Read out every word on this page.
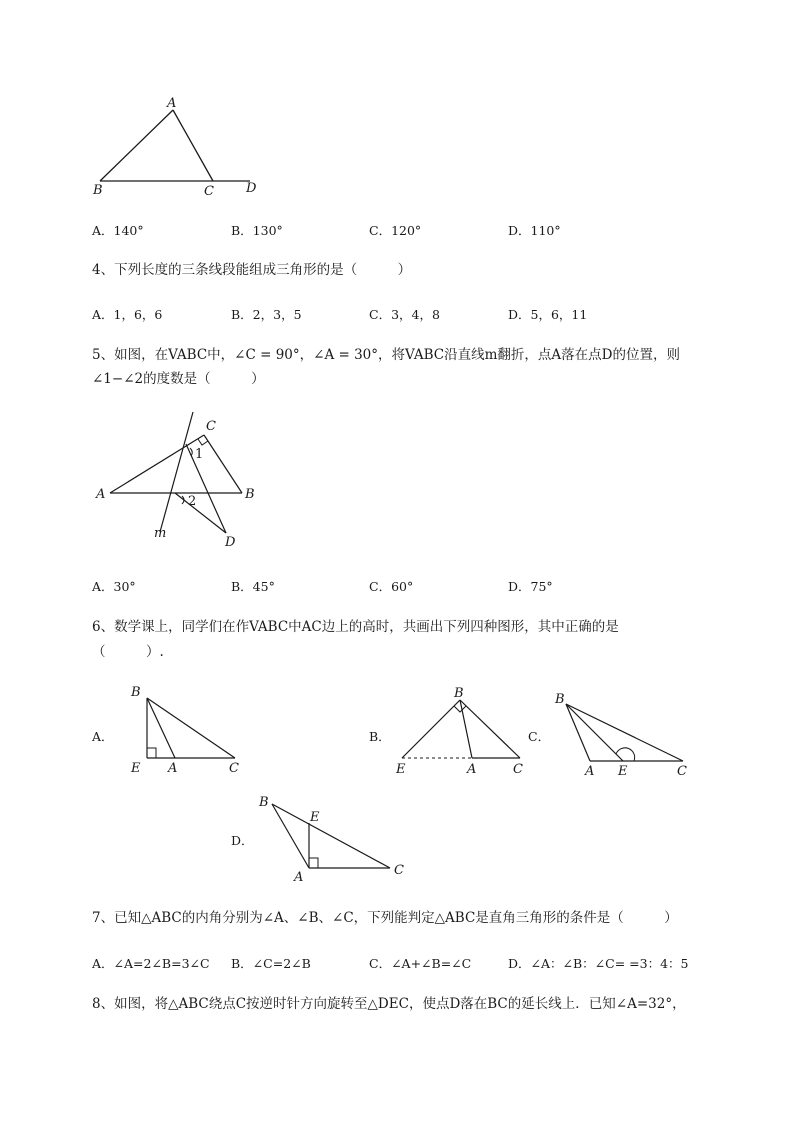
A
B	C D
A．140°	B．130°	C．120°	D．110°
4、下列长度的三条线段能组成三角形的是（　　　）
A．1，6，6	B．2，3，5	C．3，4，8	D．5，6，11
5、如图，在VABC中，∠C = 90°，∠A = 30°，将VABC沿直线m翻折，点A落在点D的位置，则
∠1−∠2的度数是（　　　）
C
A	B
D
m
1
2
A．30°	B．45°	C．60°	D．75°
6、数学课上，同学们在作VABC中AC边上的高时，共画出下列四种图形，其中正确的是
（　　　）.
A．
B
E A	C
B．
B
E	A	C
C．
B
A E	C
D．
B
E
A	C
7、已知△ABC的内角分别为∠A、∠B、∠C，下列能判定△ABC是直角三角形的条件是（　　　）
A．∠A=2∠B=3∠C B．∠C=2∠B	C．∠A+∠B=∠C	D．∠A：∠B：∠C= =3：4：5
8、如图，将△ABC绕点C按逆时针方向旋转至△DEC，使点D落在BC的延长线上．已知∠A=32°，
